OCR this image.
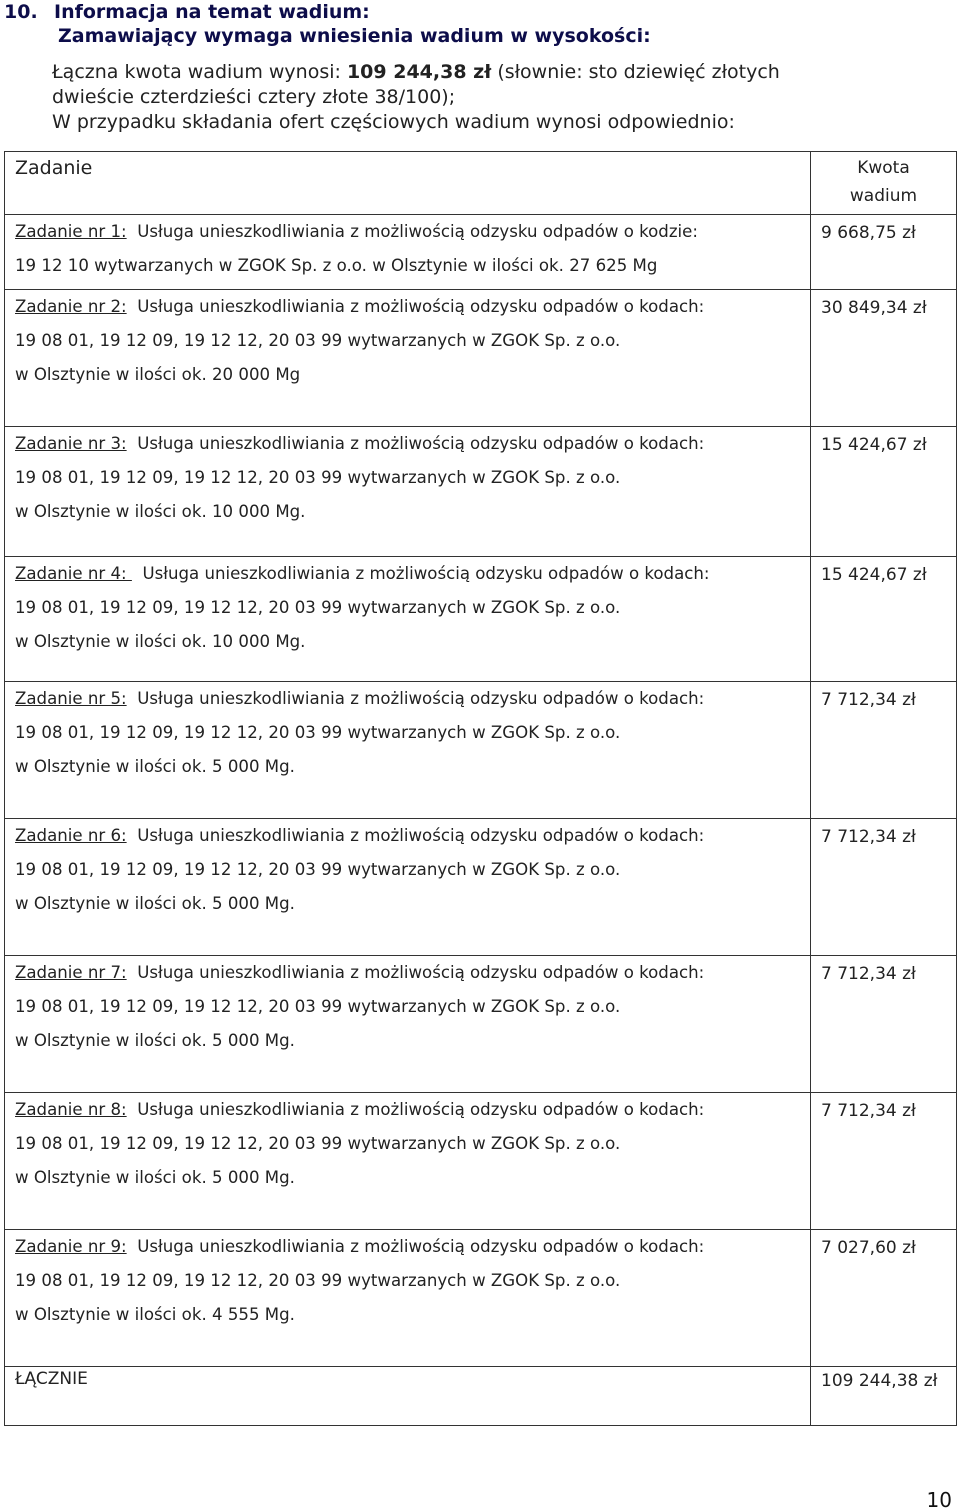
10. Informacja na temat wadium:
Zamawiający wymaga wniesienia wadium w wysokości:
Łączna kwota wadium wynosi: 109 244,38 zł (słownie: sto dziewięć złotych
dwieście czterdzieści cztery złote 38/100);
W przypadku składania ofert częściowych wadium wynosi odpowiednio:
Zadanie	Kwota
wadium

Zadanie nr 1: Usługa unieszkodliwiania z możliwością odzysku odpadów o kodzie:
19 12 10 wytwarzanych w ZGOK Sp. z o.o. w Olsztynie w ilości ok. 27 625 Mg	9 668,75 zł

Zadanie nr 2: Usługa unieszkodliwiania z możliwością odzysku odpadów o kodach:
19 08 01, 19 12 09, 19 12 12, 20 03 99 wytwarzanych w ZGOK Sp. z o.o.
w Olsztynie w ilości ok. 20 000 Mg	30 849,34 zł

Zadanie nr 3: Usługa unieszkodliwiania z możliwością odzysku odpadów o kodach:
19 08 01, 19 12 09, 19 12 12, 20 03 99 wytwarzanych w ZGOK Sp. z o.o.
w Olsztynie w ilości ok. 10 000 Mg.	15 424,67 zł

Zadanie nr 4:   Usługa unieszkodliwiania z możliwością odzysku odpadów o kodach:
19 08 01, 19 12 09, 19 12 12, 20 03 99 wytwarzanych w ZGOK Sp. z o.o.
w Olsztynie w ilości ok. 10 000 Mg.	15 424,67 zł

Zadanie nr 5: Usługa unieszkodliwiania z możliwością odzysku odpadów o kodach:
19 08 01, 19 12 09, 19 12 12, 20 03 99 wytwarzanych w ZGOK Sp. z o.o.
w Olsztynie w ilości ok. 5 000 Mg.	7 712,34 zł

Zadanie nr 6: Usługa unieszkodliwiania z możliwością odzysku odpadów o kodach:
19 08 01, 19 12 09, 19 12 12, 20 03 99 wytwarzanych w ZGOK Sp. z o.o.
w Olsztynie w ilości ok. 5 000 Mg.	7 712,34 zł

Zadanie nr 7: Usługa unieszkodliwiania z możliwością odzysku odpadów o kodach:
19 08 01, 19 12 09, 19 12 12, 20 03 99 wytwarzanych w ZGOK Sp. z o.o.
w Olsztynie w ilości ok. 5 000 Mg.	7 712,34 zł

Zadanie nr 8: Usługa unieszkodliwiania z możliwością odzysku odpadów o kodach:
19 08 01, 19 12 09, 19 12 12, 20 03 99 wytwarzanych w ZGOK Sp. z o.o.
w Olsztynie w ilości ok. 5 000 Mg.	7 712,34 zł

Zadanie nr 9: Usługa unieszkodliwiania z możliwością odzysku odpadów o kodach:
19 08 01, 19 12 09, 19 12 12, 20 03 99 wytwarzanych w ZGOK Sp. z o.o.
w Olsztynie w ilości ok. 4 555 Mg.	7 027,60 zł

ŁĄCZNIE	109 244,38 zł
10
